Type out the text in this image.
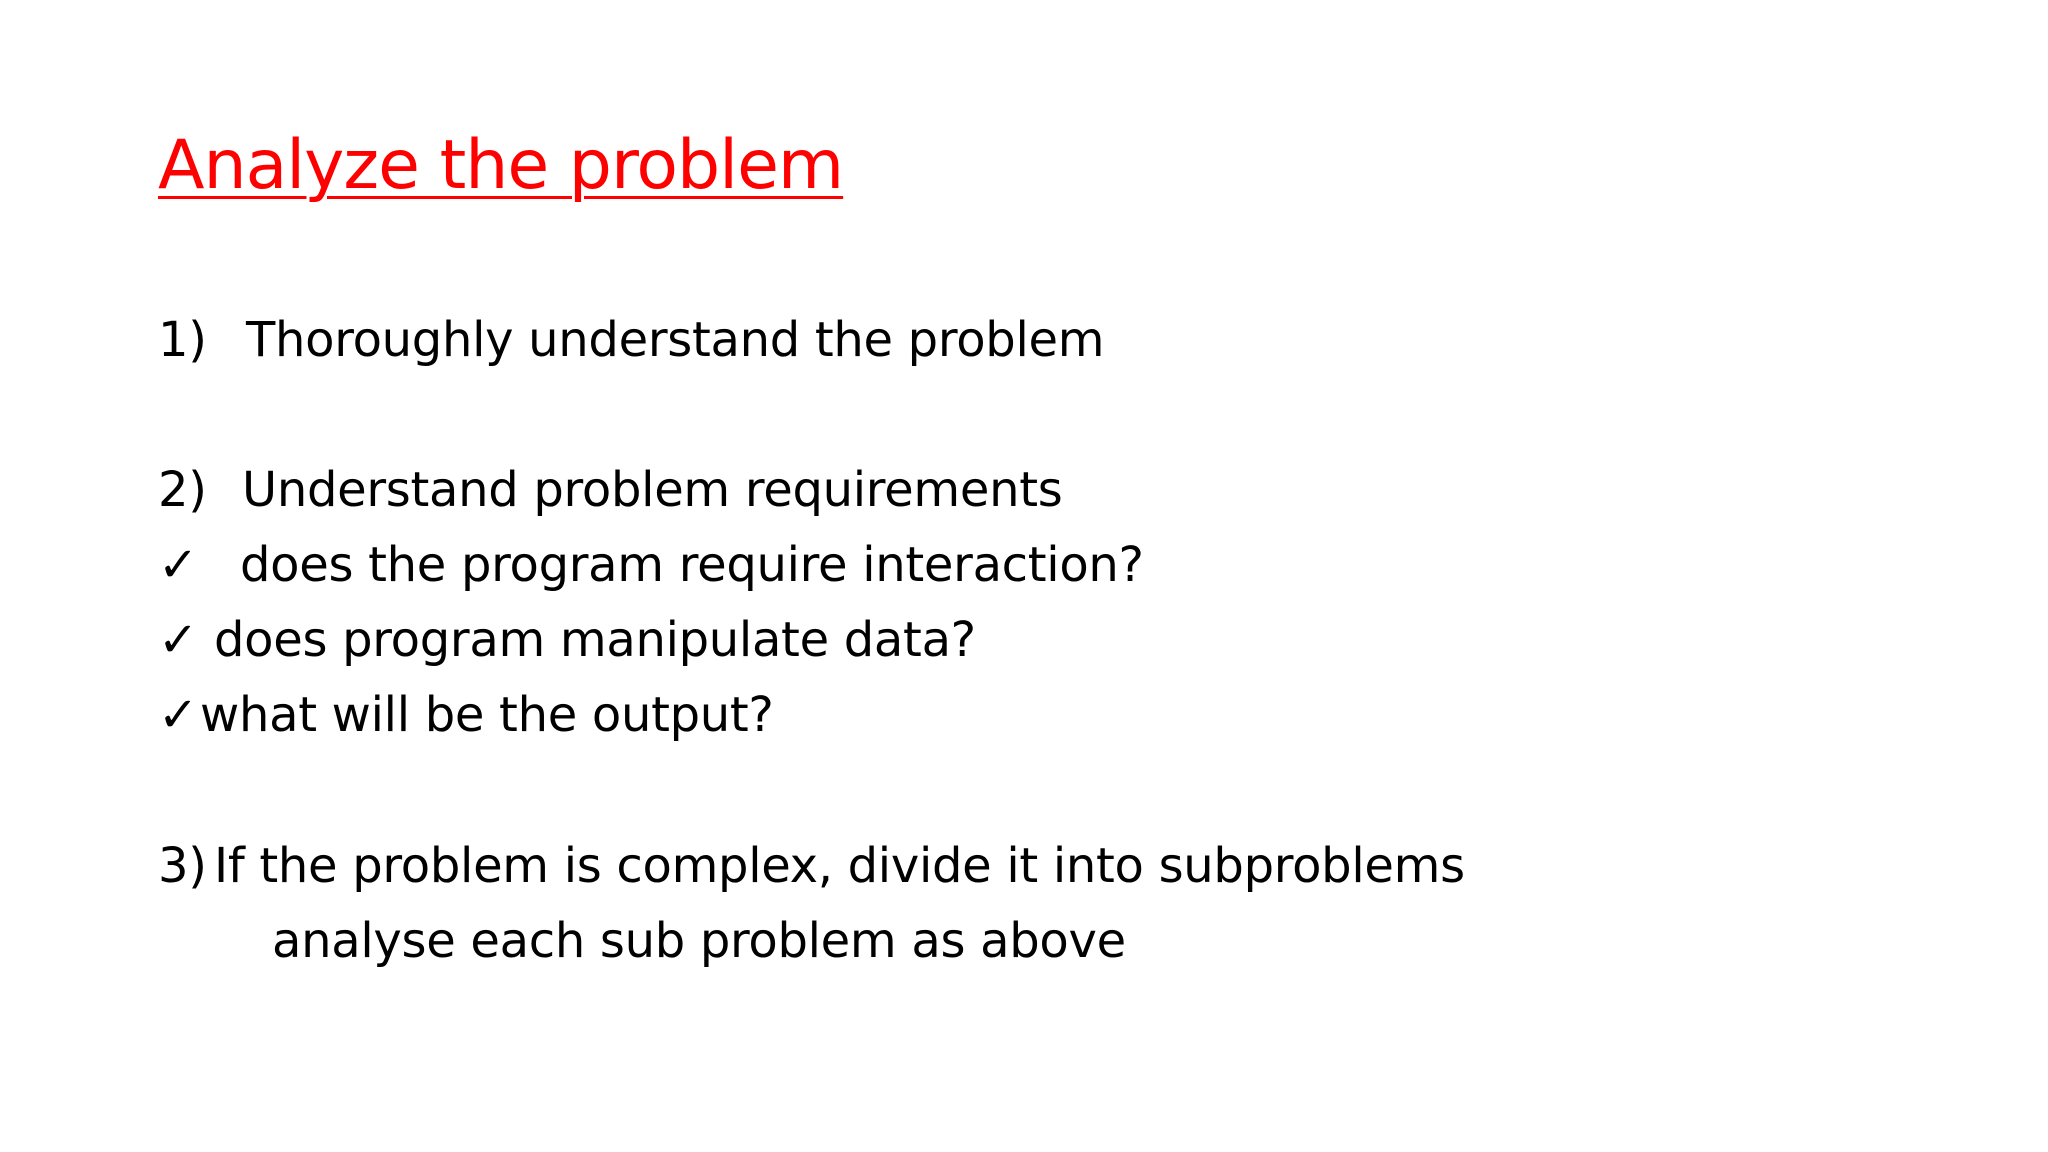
Analyze the problem
1) Thoroughly understand the problem
2) Understand problem requirements
✓ does the program require interaction?
✓ does program manipulate data?
✓what will be the output?
3) If the problem is complex, divide it into subproblems
analyse each sub problem as above
